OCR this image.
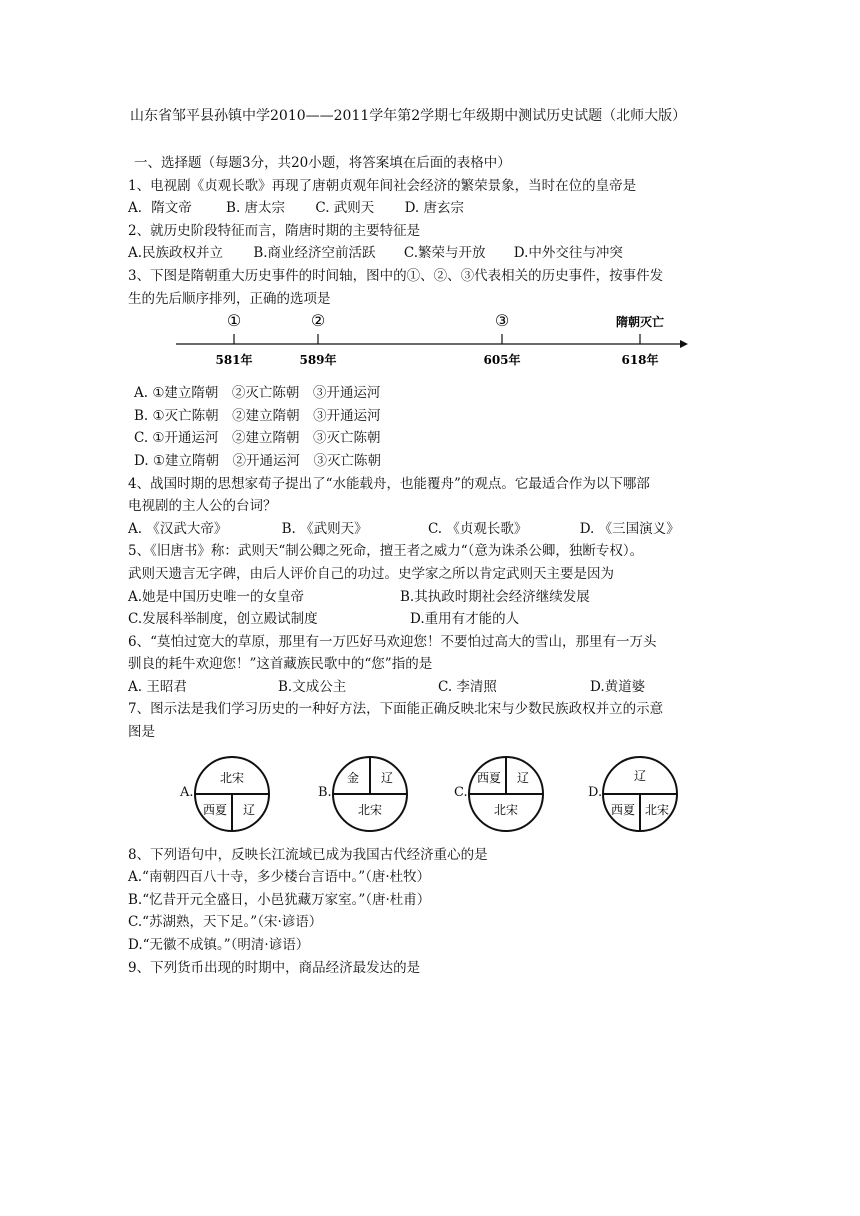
山东省邹平县孙镇中学2010——2011学年第2学期七年级期中测试历史试题（北师大版）
一、选择题（每题3分，共20小题，将答案填在后面的表格中）
1、电视剧《贞观长歌》再现了唐朝贞观年间社会经济的繁荣景象，当时在位的皇帝是
A．隋文帝	B. 唐太宗 C. 武则天 D. 唐玄宗
2、就历史阶段特征而言，隋唐时期的主要特征是
A.民族政权并立 B.商业经济空前活跃 C.繁荣与开放 D.中外交往与冲突
3、下图是隋朝重大历史事件的时间轴，图中的①、②、③代表相关的历史事件，按事件发
生的先后顺序排列，正确的选项是
①
581年
②
589年
③
605年
隋朝灭亡
618年
A. ①建立隋朝　②灭亡陈朝　③开通运河
B. ①灭亡陈朝　②建立隋朝　③开通运河
C. ①开通运河　②建立隋朝　③灭亡陈朝
D. ①建立隋朝　②开通运河　③灭亡陈朝
4、战国时期的思想家荀子提出了“水能载舟，也能覆舟”的观点。它最适合作为以下哪部
电视剧的主人公的台词？
A. 《汉武大帝》	B. 《武则天》	C. 《贞观长歌》	D. 《三国演义》
5、《旧唐书》称：武则天“制公卿之死命，擅王者之威力“（意为诛杀公卿，独断专权）。
武则天遗言无字碑，由后人评价自己的功过。史学家之所以肯定武则天主要是因为
A.她是中国历史唯一的女皇帝	B.其执政时期社会经济继续发展
C.发展科举制度，创立殿试制度	D.重用有才能的人
6、“莫怕过宽大的草原，那里有一万匹好马欢迎您！不要怕过高大的雪山，那里有一万头
驯良的耗牛欢迎您！”这首藏族民歌中的“您”指的是
A. 王昭君	B.文成公主	C. 李清照	D.黄道婆
7、图示法是我们学习历史的一种好方法，下面能正确反映北宋与少数民族政权并立的示意
图是
A.
北宋
西夏 辽
B.
金 辽
北宋
C.
西夏 辽
北宋
D.
辽
西夏 北宋
8、下列语句中，反映长江流域已成为我国古代经济重心的是
A.“南朝四百八十寺，多少楼台言语中。”（唐·杜牧）
B.“忆昔开元全盛日，小邑犹藏万家室。”（唐·杜甫）
C.“苏湖熟，天下足。”（宋·谚语）
D.“无徽不成镇。”（明清·谚语）
9、下列货币出现的时期中，商品经济最发达的是
